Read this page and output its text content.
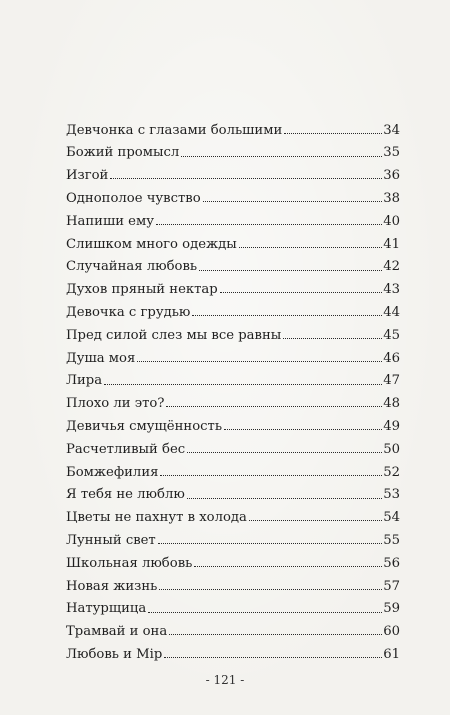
Девчонка с глазами большими	34
Божий промысл	35
Изгой	36
Однополое чувство	38
Напиши ему	40
Слишком много одежды	41
Случайная любовь	42
Духов пряный нектар	43
Девочка с грудью	44
Пред силой слез мы все равны	45
Душа моя	46
Лира	47
Плохо ли это?	48
Девичья смущённость	49
Расчетливый бес	50
Бомжефилия	52
Я тебя не люблю	53
Цветы не пахнут в холода	54
Лунный свет	55
Школьная любовь	56
Новая жизнь	57
Натурщица	59
Трамвай и она	60
Любовь и Мір	61
- 121 -
